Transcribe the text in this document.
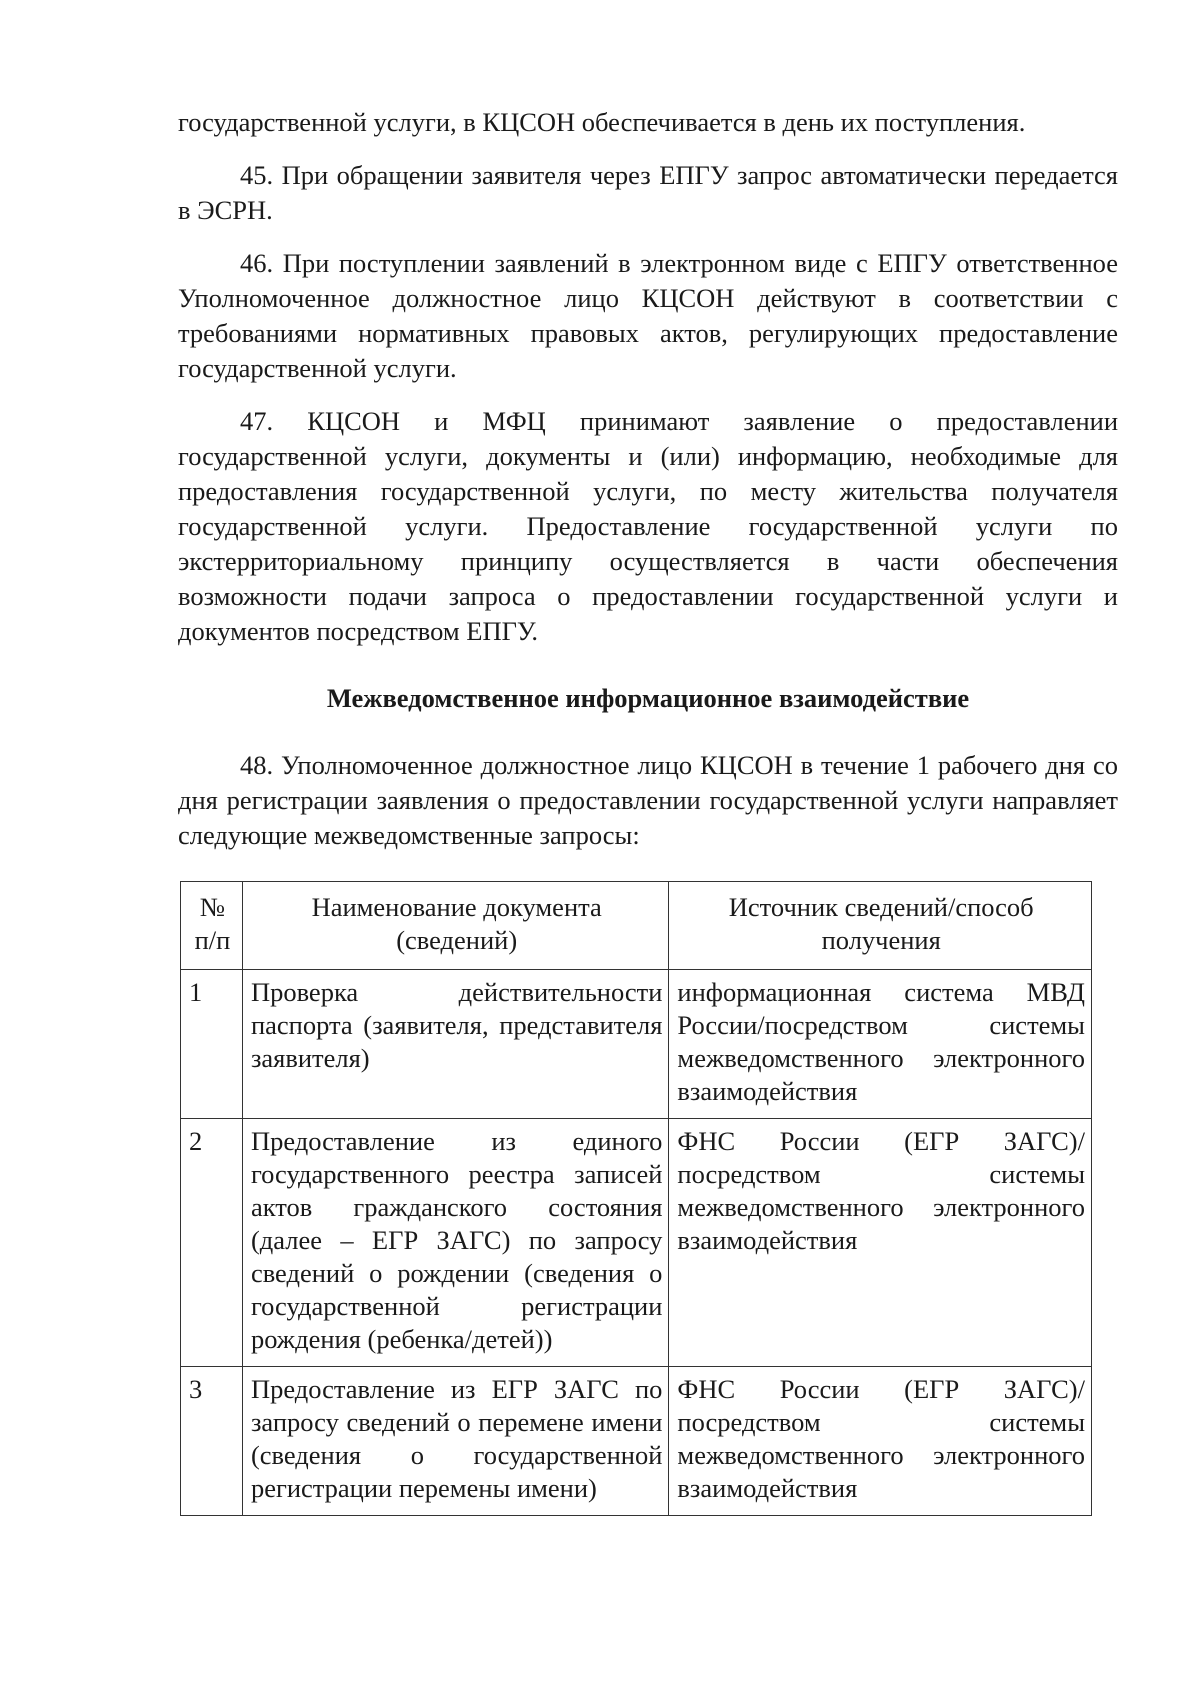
государственной услуги, в КЦСОН обеспечивается в день их поступления.

45. При обращении заявителя через ЕПГУ запрос автоматически передается в ЭСРН.

46. При поступлении заявлений в электронном виде с ЕПГУ ответственное Уполномоченное должностное лицо КЦСОН действуют в соответствии с требованиями нормативных правовых актов, регулирующих предоставление государственной услуги.

47. КЦСОН и МФЦ принимают заявление о предоставлении государственной услуги, документы и (или) информацию, необходимые для предоставления государственной услуги, по месту жительства получателя государственной услуги. Предоставление государственной услуги по экстерриториальному принципу осуществляется в части обеспечения возможности подачи запроса о предоставлении государственной услуги и документов посредством ЕПГУ.

Межведомственное информационное взаимодействие

48. Уполномоченное должностное лицо КЦСОН в течение 1 рабочего дня со дня регистрации заявления о предоставлении государственной услуги направляет следующие межведомственные запросы:

№ п/п	Наименование документа (сведений)	Источник сведений/способ получения
1	Проверка действительности паспорта (заявителя, представителя заявителя)	информационная система МВД России/посредством системы межведомственного электронного взаимодействия
2	Предоставление из единого государственного реестра записей актов гражданского состояния (далее – ЕГР ЗАГС) по запросу сведений о рождении (сведения о государственной регистрации рождения (ребенка/детей))	ФНС России (ЕГР ЗАГС)/посредством системы межведомственного электронного взаимодействия
3	Предоставление из ЕГР ЗАГС по запросу сведений о перемене имени (сведения о государственной регистрации перемены имени)	ФНС России (ЕГР ЗАГС)/ посредством системы межведомственного электронного взаимодействия
